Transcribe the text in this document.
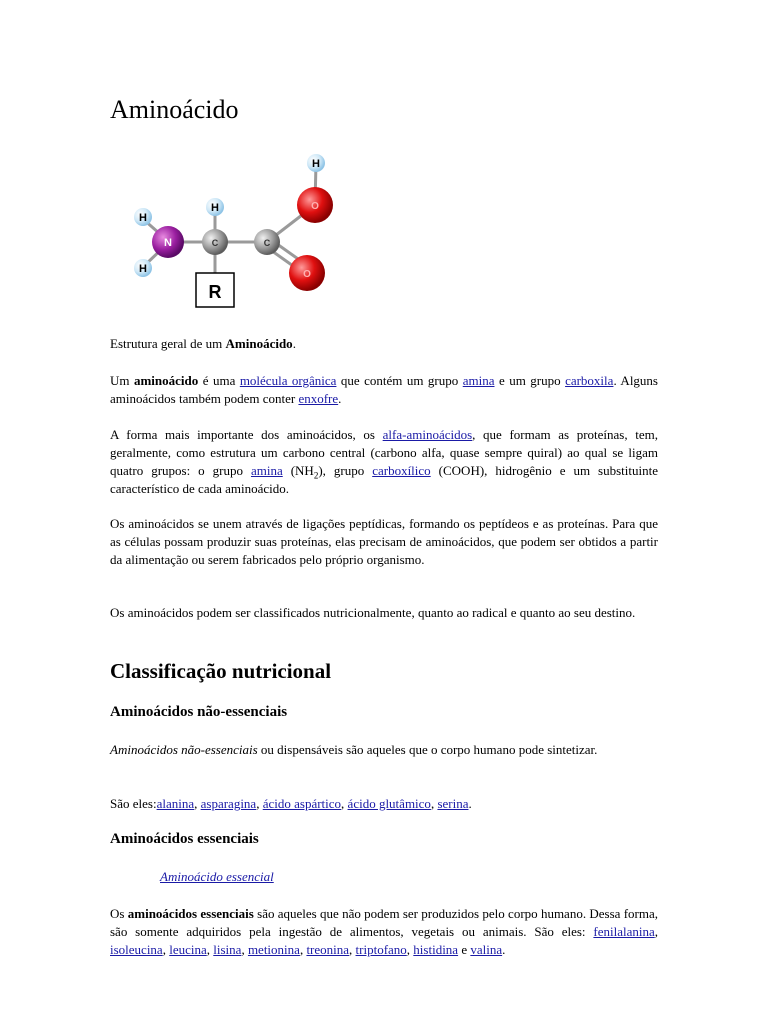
Aminoácido
H
H
N
H
C	C
O
H
O
R

Estrutura geral de um Aminoácido.

Um aminoácido é uma molécula orgânica que contém um grupo amina e um grupo carboxila. Alguns aminoácidos também podem conter enxofre.

A forma mais importante dos aminoácidos, os alfa-aminoácidos, que formam as proteínas, tem, geralmente, como estrutura um carbono central (carbono alfa, quase sempre quiral) ao qual se ligam quatro grupos: o grupo amina $(NH_2)$, grupo carboxílico (COOH), hidrogênio e um substituinte característico de cada aminoácido.

Os aminoácidos se unem através de ligações peptídicas, formando os peptídeos e as proteínas. Para que as células possam produzir suas proteínas, elas precisam de aminoácidos, que podem ser obtidos a partir da alimentação ou serem fabricados pelo próprio organismo.

Os aminoácidos podem ser classificados nutricionalmente, quanto ao radical e quanto ao seu destino.

Classificação nutricional
Aminoácidos não-essenciais

Aminoácidos não-essenciais ou dispensáveis são aqueles que o corpo humano pode sintetizar.

São eles:alanina, asparagina, ácido aspártico, ácido glutâmico, serina.

Aminoácidos essenciais
Aminoácido essencial

Os aminoácidos essenciais são aqueles que não podem ser produzidos pelo corpo humano. Dessa forma, são somente adquiridos pela ingestão de alimentos, vegetais ou animais. São eles: fenilalanina, isoleucina, leucina, lisina, metionina, treonina, triptofano, histidina e valina.
